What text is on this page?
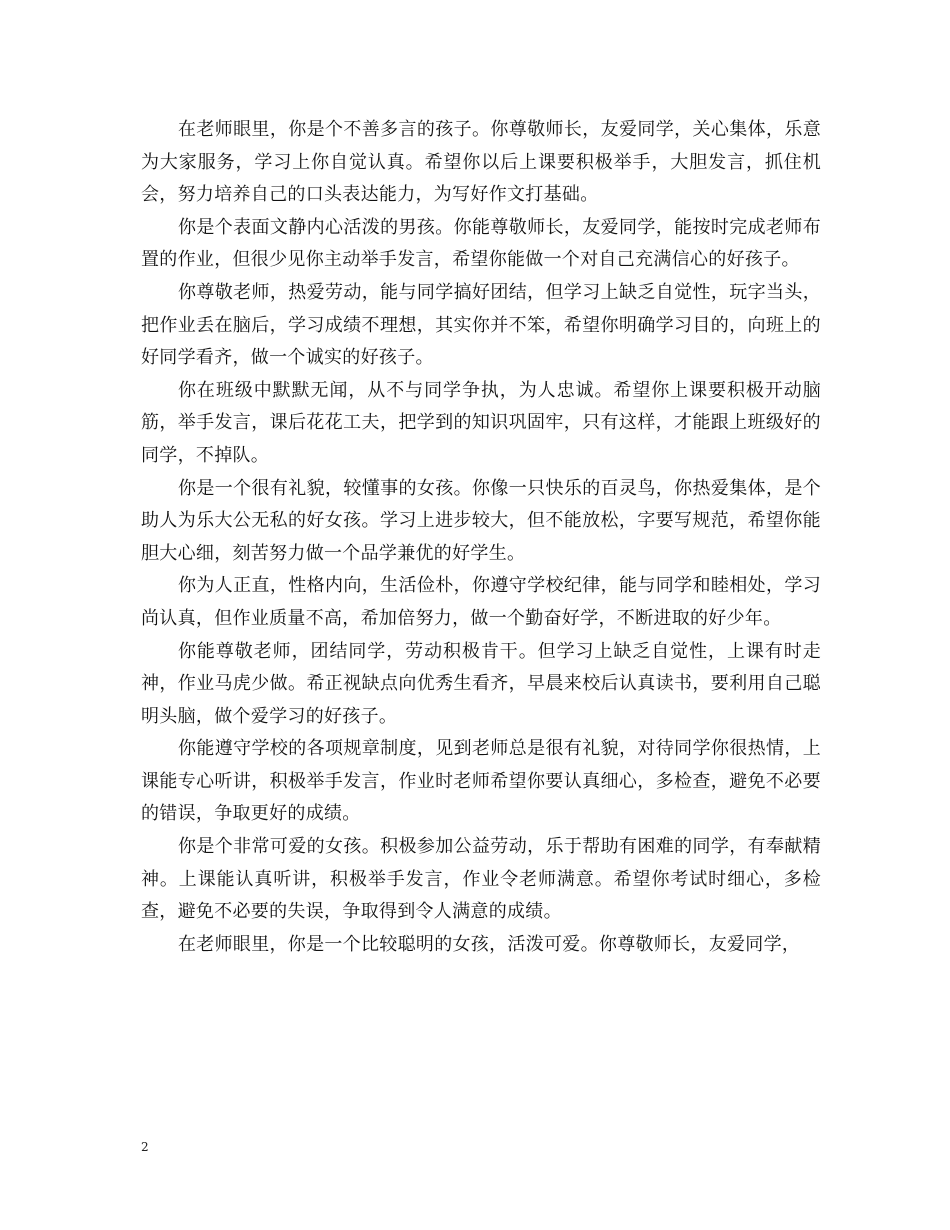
在老师眼里，你是个不善多言的孩子。你尊敬师长，友爱同学，关心集体，乐意为大家服务，学习上你自觉认真。希望你以后上课要积极举手，大胆发言，抓住机会，努力培养自己的口头表达能力，为写好作文打基础。

你是个表面文静内心活泼的男孩。你能尊敬师长，友爱同学，能按时完成老师布置的作业，但很少见你主动举手发言，希望你能做一个对自己充满信心的好孩子。

你尊敬老师，热爱劳动，能与同学搞好团结，但学习上缺乏自觉性，玩字当头，把作业丢在脑后，学习成绩不理想，其实你并不笨，希望你明确学习目的，向班上的好同学看齐，做一个诚实的好孩子。

你在班级中默默无闻，从不与同学争执，为人忠诚。希望你上课要积极开动脑筋，举手发言，课后花花工夫，把学到的知识巩固牢，只有这样，才能跟上班级好的同学，不掉队。

你是一个很有礼貌，较懂事的女孩。你像一只快乐的百灵鸟，你热爱集体，是个助人为乐大公无私的好女孩。学习上进步较大，但不能放松，字要写规范，希望你能胆大心细，刻苦努力做一个品学兼优的好学生。

你为人正直，性格内向，生活俭朴，你遵守学校纪律，能与同学和睦相处，学习尚认真，但作业质量不高，希加倍努力，做一个勤奋好学，不断进取的好少年。

你能尊敬老师，团结同学，劳动积极肯干。但学习上缺乏自觉性，上课有时走神，作业马虎少做。希正视缺点向优秀生看齐，早晨来校后认真读书，要利用自己聪明头脑，做个爱学习的好孩子。

你能遵守学校的各项规章制度，见到老师总是很有礼貌，对待同学你很热情，上课能专心听讲，积极举手发言，作业时老师希望你要认真细心，多检查，避免不必要的错误，争取更好的成绩。

你是个非常可爱的女孩。积极参加公益劳动，乐于帮助有困难的同学，有奉献精神。上课能认真听讲，积极举手发言，作业令老师满意。希望你考试时细心，多检查，避免不必要的失误，争取得到令人满意的成绩。

在老师眼里，你是一个比较聪明的女孩，活泼可爱。你尊敬师长，友爱同学，

2
